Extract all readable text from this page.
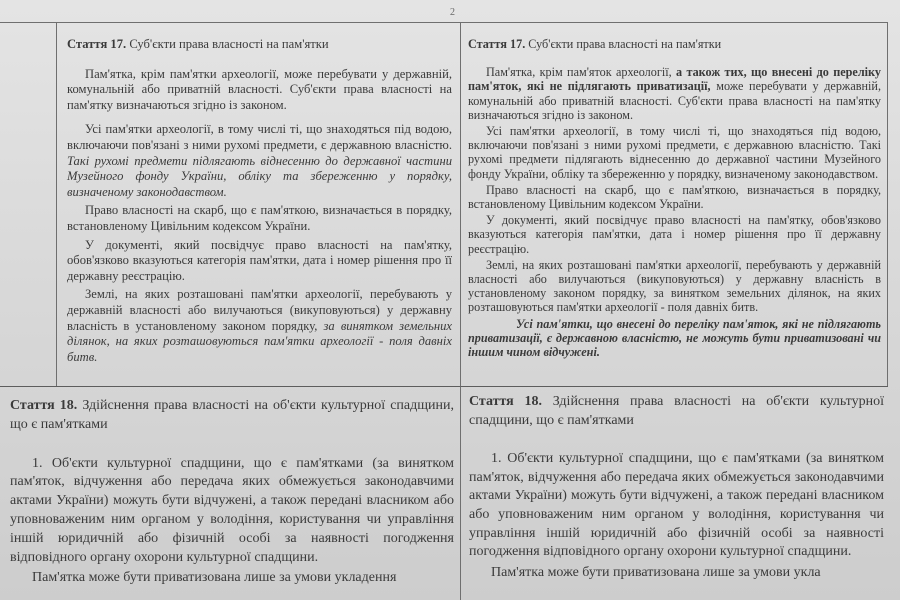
2
Стаття 17. Суб'єкти права власності на пам'ятки

Пам'ятка, крім пам'ятки археології, може перебувати у державній, комунальній або приватній власності. Суб'єкти права власності на пам'ятку визначаються згідно із законом.

Усі пам'ятки археології, в тому числі ті, що знаходяться під водою, включаючи пов'язані з ними рухомі предмети, є державною власністю. Такі рухомі предмети підлягають віднесенню до державної частини Музейного фонду України, обліку та збереженню у порядку, визначеному законодавством.

Право власності на скарб, що є пам'яткою, визначається в порядку, встановленому Цивільним кодексом України.

У документі, який посвідчує право власності на пам'ятку, обов'язково вказуються категорія пам'ятки, дата і номер рішення про її державну реєстрацію.

Землі, на яких розташовані пам'ятки археології, перебувають у державній власності або вилучаються (викуповуються) у державну власність в установленому законом порядку, за винятком земельних ділянок, на яких розташовуються пам'ятки археології - поля давніх битв.

Стаття 17. Суб'єкти права власності на пам'ятки

Пам'ятка, крім пам'яток археології, а також тих, що внесені до переліку пам'яток, які не підлягають приватизації, може перебувати у державній, комунальній або приватній власності. Суб'єкти права власності на пам'ятку визначаються згідно із законом.

Усі пам'ятки археології, в тому числі ті, що знаходяться під водою, включаючи пов'язані з ними рухомі предмети, є державною власністю. Такі рухомі предмети підлягають віднесенню до державної частини Музейного фонду України, обліку та збереженню у порядку, визначеному законодавством.

Право власності на скарб, що є пам'яткою, визначається в порядку, встановленому Цивільним кодексом України.

У документі, який посвідчує право власності на пам'ятку, обов'язково вказуються категорія пам'ятки, дата і номер рішення про її державну реєстрацію.

Землі, на яких розташовані пам'ятки археології, перебувають у державній власності або вилучаються (викуповуються) у державну власність в установленому законом порядку, за винятком земельних ділянок, на яких розташовуються пам'ятки археології - поля давніх битв.

Усі пам'ятки, що внесені до переліку пам'яток, які не підлягають приватизації, є державною власністю, не можуть бути приватизовані чи іншим чином відчужені.

Стаття 18. Здійснення права власності на об'єкти культурної спадщини, що є пам'ятками

1. Об'єкти культурної спадщини, що є пам'ятками (за винятком пам'яток, відчуження або передача яких обмежується законодавчими актами України) можуть бути відчужені, а також передані власником або уповноваженим ним органом у володіння, користування чи управління іншій юридичній або фізичній особі за наявності погодження відповідного органу охорони культурної спадщини.

Пам'ятка може бути приватизована лише за умови укладення

Стаття 18. Здійснення права власності на об'єкти культурної спадщини, що є пам'ятками

1. Об'єкти культурної спадщини, що є пам'ятками (за винятком пам'яток, відчуження або передача яких обмежується законодавчими актами України) можуть бути відчужені, а також передані власником або уповноваженим ним органом у володіння, користування чи управління іншій юридичній або фізичній особі за наявності погодження відповідного органу охорони культурної спадщини.

Пам'ятка може бути приватизована лише за умови укла
